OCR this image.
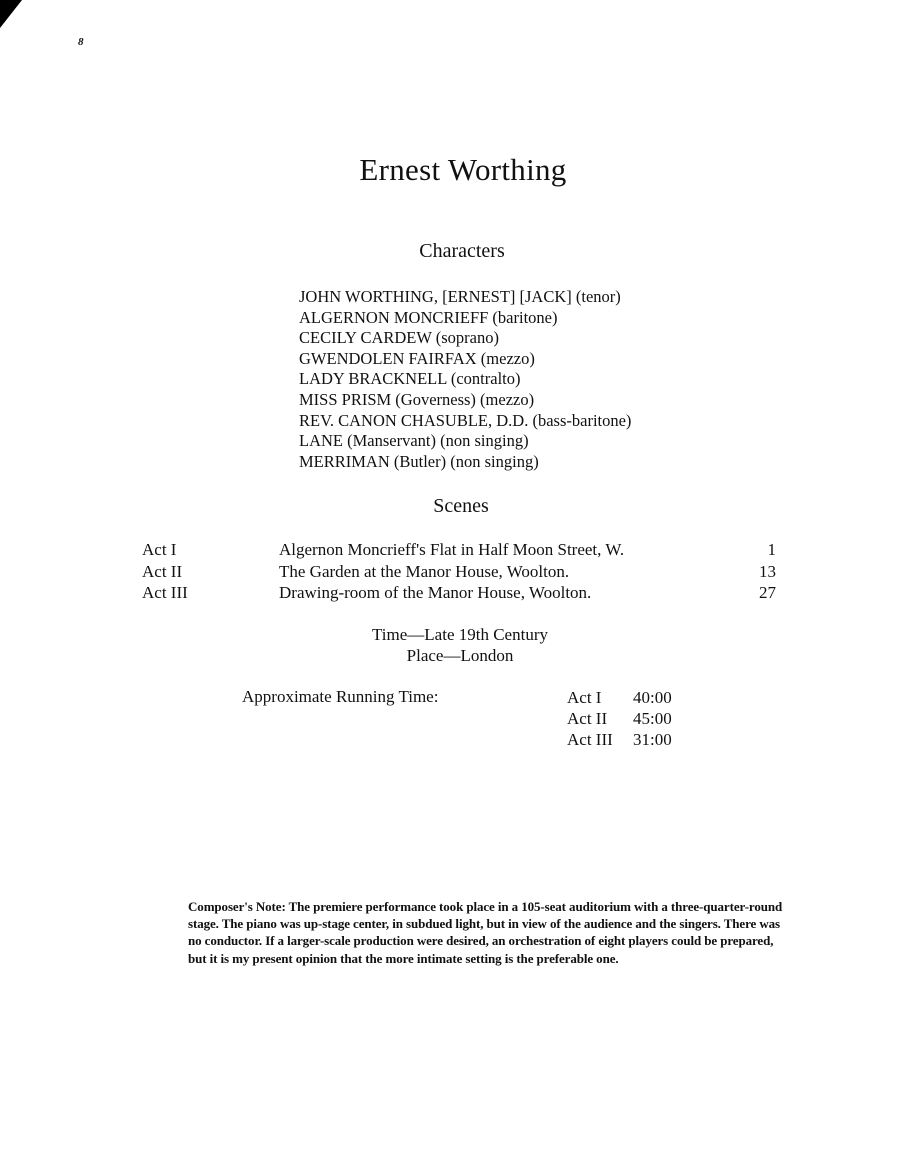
8
Ernest Worthing
Characters
JOHN WORTHING, [ERNEST] [JACK] (tenor)
ALGERNON MONCRIEFF (baritone)
CECILY CARDEW (soprano)
GWENDOLEN FAIRFAX (mezzo)
LADY BRACKNELL (contralto)
MISS PRISM (Governess) (mezzo)
REV. CANON CHASUBLE, D.D. (bass-baritone)
LANE (Manservant) (non singing)
MERRIMAN (Butler) (non singing)
Scenes
Act I	Algernon Moncrieff's Flat in Half Moon Street, W.	1
Act II	The Garden at the Manor House, Woolton.	13
Act III	Drawing-room of the Manor House, Woolton.	27
Time—Late 19th Century
Place—London
Approximate Running Time:	Act I 40:00
Act II 45:00
Act III 31:00

Composer's Note: The premiere performance took place in a 105-seat auditorium with a three-quarter-round stage. The piano was up-stage center, in subdued light, but in view of the audience and the singers. There was no conductor. If a larger-scale production were desired, an orchestration of eight players could be prepared, but it is my present opinion that the more intimate setting is the preferable one.
